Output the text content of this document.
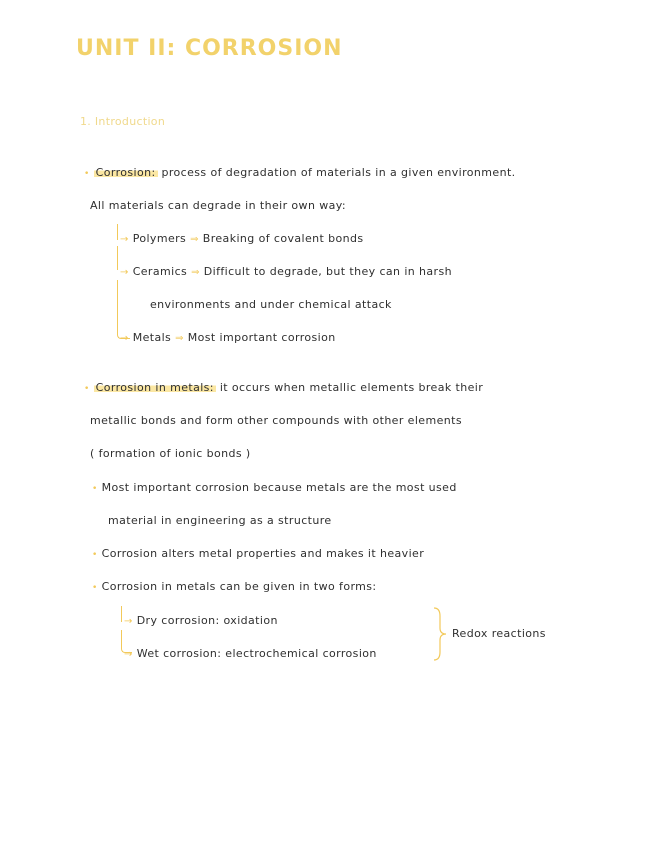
UNIT II: CORROSION
1. Introduction
• Corrosion: process of degradation of materials in a given environment.
All materials can degrade in their own way:
→ Polymers ⇒ Breaking of covalent bonds
→ Ceramics ⇒ Difficult to degrade, but they can in harsh
environments and under chemical attack
→ Metals ⇒ Most important corrosion
• Corrosion in metals: it occurs when metallic elements break their
metallic bonds and form other compounds with other elements
( formation of ionic bonds )
• Most important corrosion because metals are the most used
material in engineering as a structure
• Corrosion alters metal properties and makes it heavier
• Corrosion in metals can be given in two forms:
→ Dry corrosion: oxidation
→ Wet corrosion: electrochemical corrosion
Redox reactions
